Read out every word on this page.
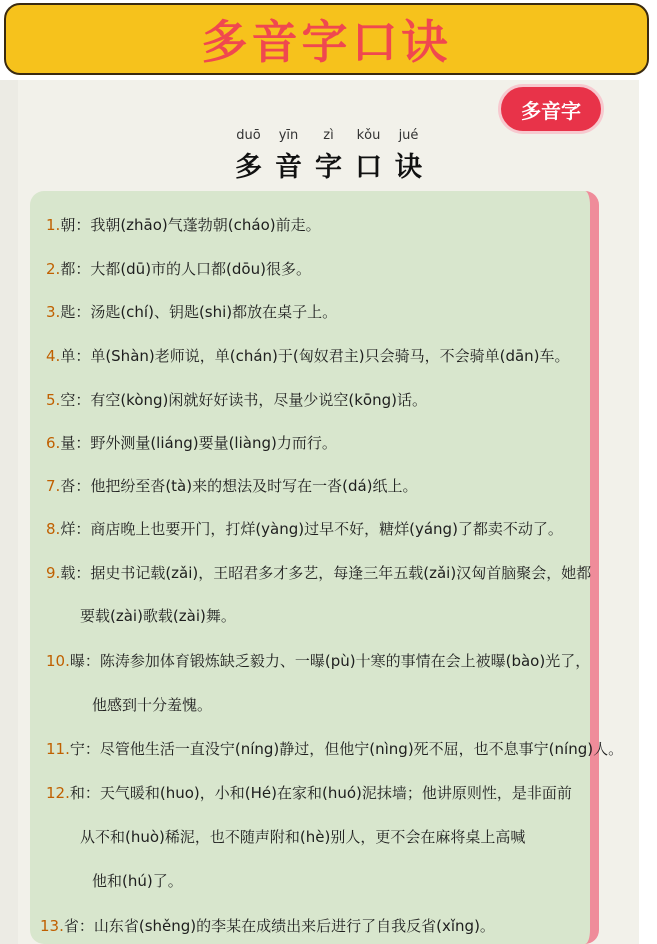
多音字口诀
多音字
duō	yīn	zì	kǒu	jué
多 音 字 口 诀
1.朝：我朝(zhāo)气蓬勃朝(cháo)前走。
2.都：大都(dū)市的人口都(dōu)很多。
3.匙：汤匙(chí)、钥匙(shi)都放在桌子上。
4.单：单(Shàn)老师说，单(chán)于(匈奴君主)只会骑马，不会骑单(dān)车。
5.空：有空(kòng)闲就好好读书，尽量少说空(kōng)话。
6.量：野外测量(liáng)要量(liàng)力而行。
7.沓：他把纷至沓(tà)来的想法及时写在一沓(dá)纸上。
8.烊：商店晚上也要开门，打烊(yàng)过早不好，糖烊(yáng)了都卖不动了。
9.载：据史书记载(zǎi)，王昭君多才多艺，每逢三年五载(zǎi)汉匈首脑聚会，她都
要载(zài)歌载(zài)舞。
10.曝：陈涛参加体育锻炼缺乏毅力、一曝(pù)十寒的事情在会上被曝(bào)光了，
他感到十分羞愧。
11.宁：尽管他生活一直没宁(níng)静过，但他宁(nìng)死不屈，也不息事宁(níng)人。
12.和：天气暖和(huo)，小和(Hé)在家和(huó)泥抹墙；他讲原则性，是非面前
从不和(huò)稀泥，也不随声附和(hè)别人，更不会在麻将桌上高喊
他和(hú)了。
13.省：山东省(shěng)的李某在成绩出来后进行了自我反省(xǐng)。
